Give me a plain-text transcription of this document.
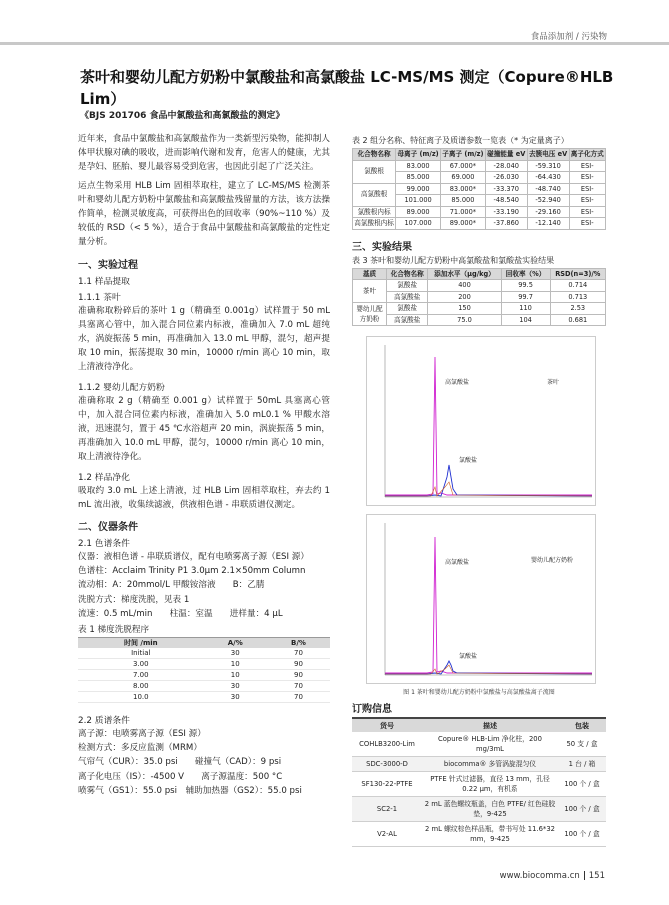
食品添加剂 / 污染物
茶叶和婴幼儿配方奶粉中氯酸盐和高氯酸盐 LC-MS/MS 测定（Copure®HLB Lim）
《BJS 201706 食品中氯酸盐和高氯酸盐的测定》

近年来，食品中氯酸盐和高氯酸盐作为一类新型污染物，能抑制人体甲状腺对碘的吸收，进而影响代谢和发育，危害人的健康，尤其是孕妇、胚胎、婴儿最容易受到危害，也因此引起了广泛关注。

运点生物采用 HLB Lim 固相萃取柱，建立了 LC-MS/MS 检测茶叶和婴幼儿配方奶粉中氯酸盐和高氯酸盐残留量的方法，该方法操作简单，检测灵敏度高，可获得出色的回收率（90%~110 %）及较低的 RSD（< 5 %），适合于食品中氯酸盐和高氯酸盐的定性定量分析。

一、实验过程
1.1 样品提取
1.1.1 茶叶

准确称取粉碎后的茶叶 1 g（精确至 0.001g）试样置于 50 mL 具塞离心管中，加入混合同位素内标液，准确加入 7.0 mL 超纯水，涡旋振荡 5 min，再准确加入 13.0 mL 甲醇，混匀，超声提取 10 min，振荡提取 30 min，10000 r/min 离心 10 min，取上清液待净化。

1.1.2 婴幼儿配方奶粉

准确称取 2 g（精确至 0.001 g）试样置于 50mL 具塞离心管中，加入混合同位素内标液，准确加入 5.0 mL0.1 % 甲酸水溶液，迅速混匀，置于 45 ℃水浴超声 20 min，涡旋振荡 5 min，再准确加入 10.0 mL 甲醇，混匀，10000 r/min 离心 10 min，取上清液待净化。

1.2 样品净化

吸取约 3.0 mL 上述上清液，过 HLB Lim 固相萃取柱，弃去约 1 mL 流出液，收集续滤液，供液相色谱 - 串联质谱仪测定。

二、仪器条件
2.1 色谱条件

仪器：液相色谱 - 串联质谱仪，配有电喷雾离子源（ESI 源）

色谱柱：Acclaim Trinity P1 3.0μm 2.1×50mm Column

流动相：A：20mmol/L 甲酸铵溶液　　B：乙腈

洗脱方式：梯度洗脱，见表 1

流速：0.5 mL/min　　柱温：室温　　进样量：4 μL

表 1 梯度洗脱程序
时间 /min	A/%	B/%
Initial	30	70
3.00	10	90
7.00	10	90
8.00	30	70
10.0	30	70
2.2 质谱条件

离子源：电喷雾离子源（ESI 源）

检测方式：多反应监测（MRM）

气帘气（CUR）：35.0 psi　　碰撞气（CAD）：9 psi

离子化电压（IS）：-4500 V　　离子源温度：500 °C

喷雾气（GS1）：55.0 psi　辅助加热器（GS2）：55.0 psi

表 2 组分名称、特征离子及质谱参数一览表（* 为定量离子）
化合物名称	母离子 (m/z)	子离子 (m/z)	碰撞能量 eV	去簇电压 eV	离子化方式
氯酸根	83.000	67.000*	-28.040	-59.310	ESI-
	85.000	69.000	-26.030	-64.430	ESI-
高氯酸根	99.000	83.000*	-33.370	-48.740	ESI-
	101.000	85.000	-48.540	-52.940	ESI-
氯酸根内标	89.000	71.000*	-33.190	-29.160	ESI-
高氯酸根内标	107.000	89.000*	-37.860	-12.140	ESI-
三、实验结果
表 3 茶叶和婴幼儿配方奶粉中高氯酸盐和氯酸盐实验结果
基质	化合物名称	添加水平（μg/kg）	回收率（%）	RSD(n=3)/%
茶叶	氯酸盐	400	99.5	0.714
	高氯酸盐	200	99.7	0.713
婴幼儿配方奶粉	氯酸盐	150	110	2.53
	高氯酸盐	75.0	104	0.681
高氯酸盐
氯酸盐
茶叶
高氯酸盐
氯酸盐
婴幼儿配方奶粉
图 1 茶叶和婴幼儿配方奶粉中氯酸盐与高氯酸盐离子流图
订购信息
货号	描述	包装
COHLB3200-Lim	Copure® HLB-Lim 净化柱，200 mg/3mL	50 支 / 盒
SDC-3000-D	biocomma® 多管涡旋混匀仪	1 台 / 箱
SF130-22-PTFE	PTFE 针式过滤器，直径 13 mm，孔径 0.22 μm，有机系	100 个 / 盒
SC2-1	2 mL 蓝色螺纹瓶盖，白色 PTFE/ 红色硅胶垫，9-425	100 个 / 盒
V2-AL	2 mL 螺纹棕色样品瓶，带书写处 11.6*32 mm，9-425	100 个 / 盒
www.biocomma.cn 151
